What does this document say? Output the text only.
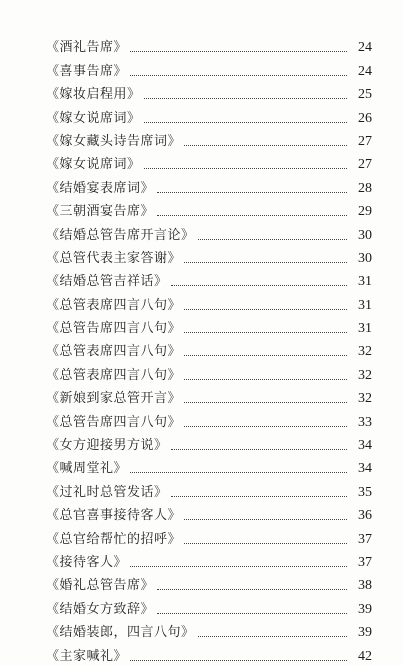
《酒礼告席》	24
《喜事告席》	24
《嫁妆启程用》	25
《嫁女说席词》	26
《嫁女藏头诗告席词》	27
《嫁女说席词》	27
《结婚宴表席词》	28
《三朝酒宴告席》	29
《结婚总管告席开言论》	30
《总管代表主家答谢》	30
《结婚总管吉祥话》	31
《总管表席四言八句》	31
《总管告席四言八句》	31
《总管表席四言八句》	32
《总管表席四言八句》	32
《新娘到家总管开言》	32
《总管告席四言八句》	33
《女方迎接男方说》	34
《喊周堂礼》	34
《过礼时总管发话》	35
《总官喜事接待客人》	36
《总官给帮忙的招呼》	37
《接待客人》	37
《婚礼总管告席》	38
《结婚女方致辞》	39
《结婚装郎，四言八句》	39
《主家喊礼》	42
